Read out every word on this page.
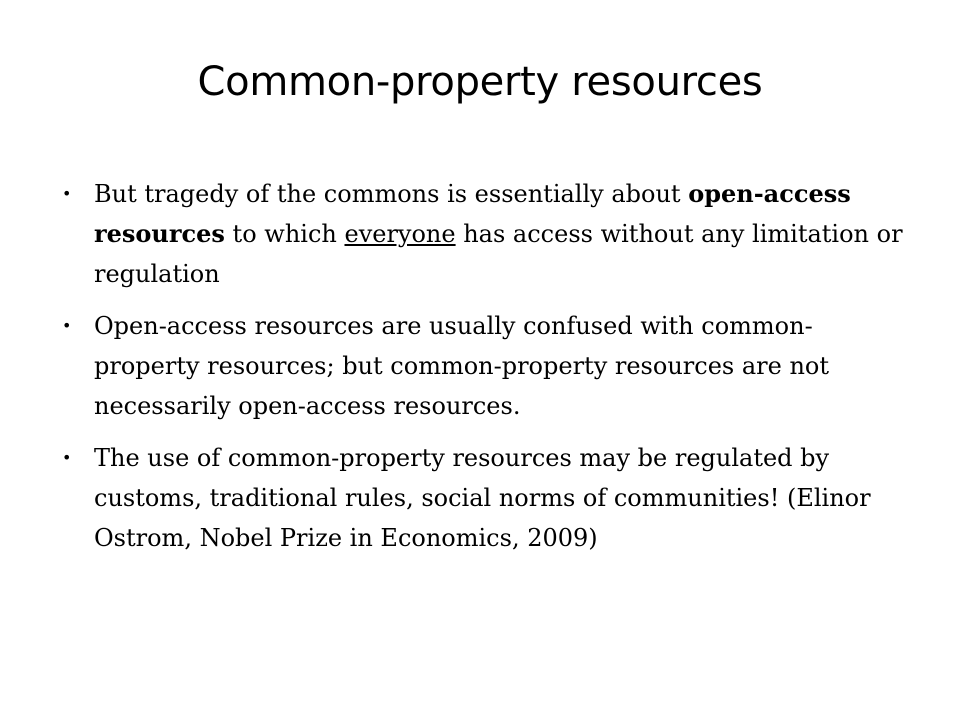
Common-property resources
• But tragedy of the commons is essentially about open-access resources to which everyone has access without any limitation or regulation
• Open-access resources are usually confused with common-property resources; but common-property resources are not necessarily open-access resources.
• The use of common-property resources may be regulated by customs, traditional rules, social norms of communities! (Elinor Ostrom, Nobel Prize in Economics, 2009)
